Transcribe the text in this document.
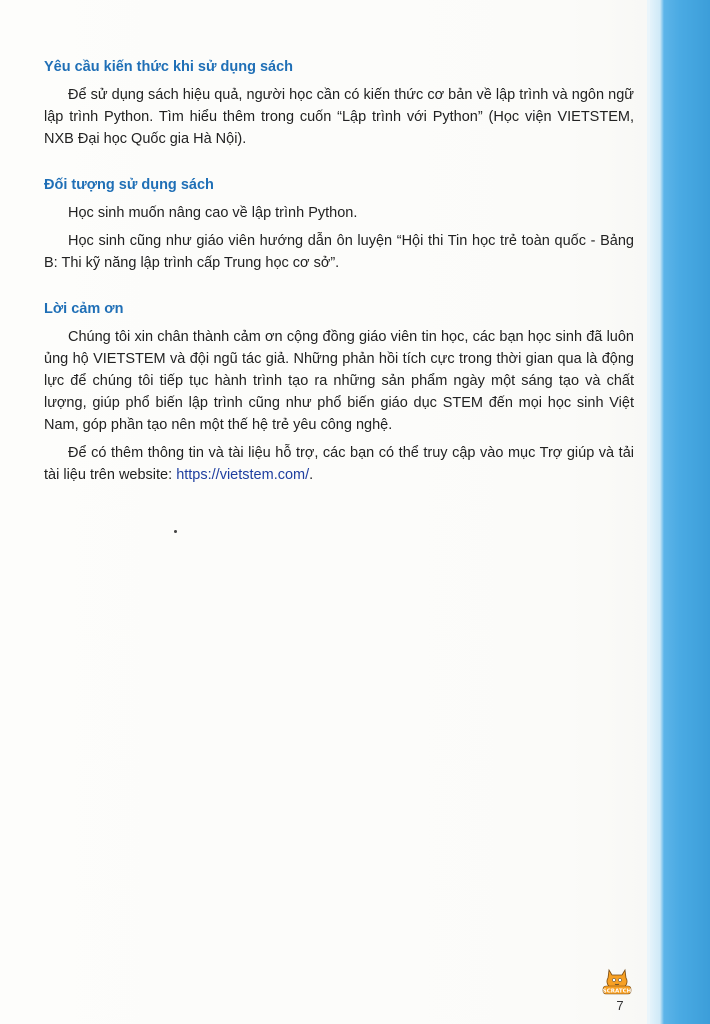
Yêu cầu kiến thức khi sử dụng sách

Để sử dụng sách hiệu quả, người học cần có kiến thức cơ bản về lập trình và ngôn ngữ lập trình Python. Tìm hiểu thêm trong cuốn “Lập trình với Python” (Học viện VIETSTEM, NXB Đại học Quốc gia Hà Nội).

Đối tượng sử dụng sách

Học sinh muốn nâng cao về lập trình Python.

Học sinh cũng như giáo viên hướng dẫn ôn luyện “Hội thi Tin học trẻ toàn quốc - Bảng B: Thi kỹ năng lập trình cấp Trung học cơ sở”.

Lời cảm ơn

Chúng tôi xin chân thành cảm ơn cộng đồng giáo viên tin học, các bạn học sinh đã luôn ủng hộ VIETSTEM và đội ngũ tác giả. Những phản hồi tích cực trong thời gian qua là động lực để chúng tôi tiếp tục hành trình tạo ra những sản phẩm ngày một sáng tạo và chất lượng, giúp phổ biến lập trình cũng như phổ biến giáo dục STEM đến mọi học sinh Việt Nam, góp phần tạo nên một thế hệ trẻ yêu công nghệ.

Để có thêm thông tin và tài liệu hỗ trợ, các bạn có thể truy cập vào mục Trợ giúp và tải tài liệu trên website: https://vietstem.com/.

SCRATCH
7
